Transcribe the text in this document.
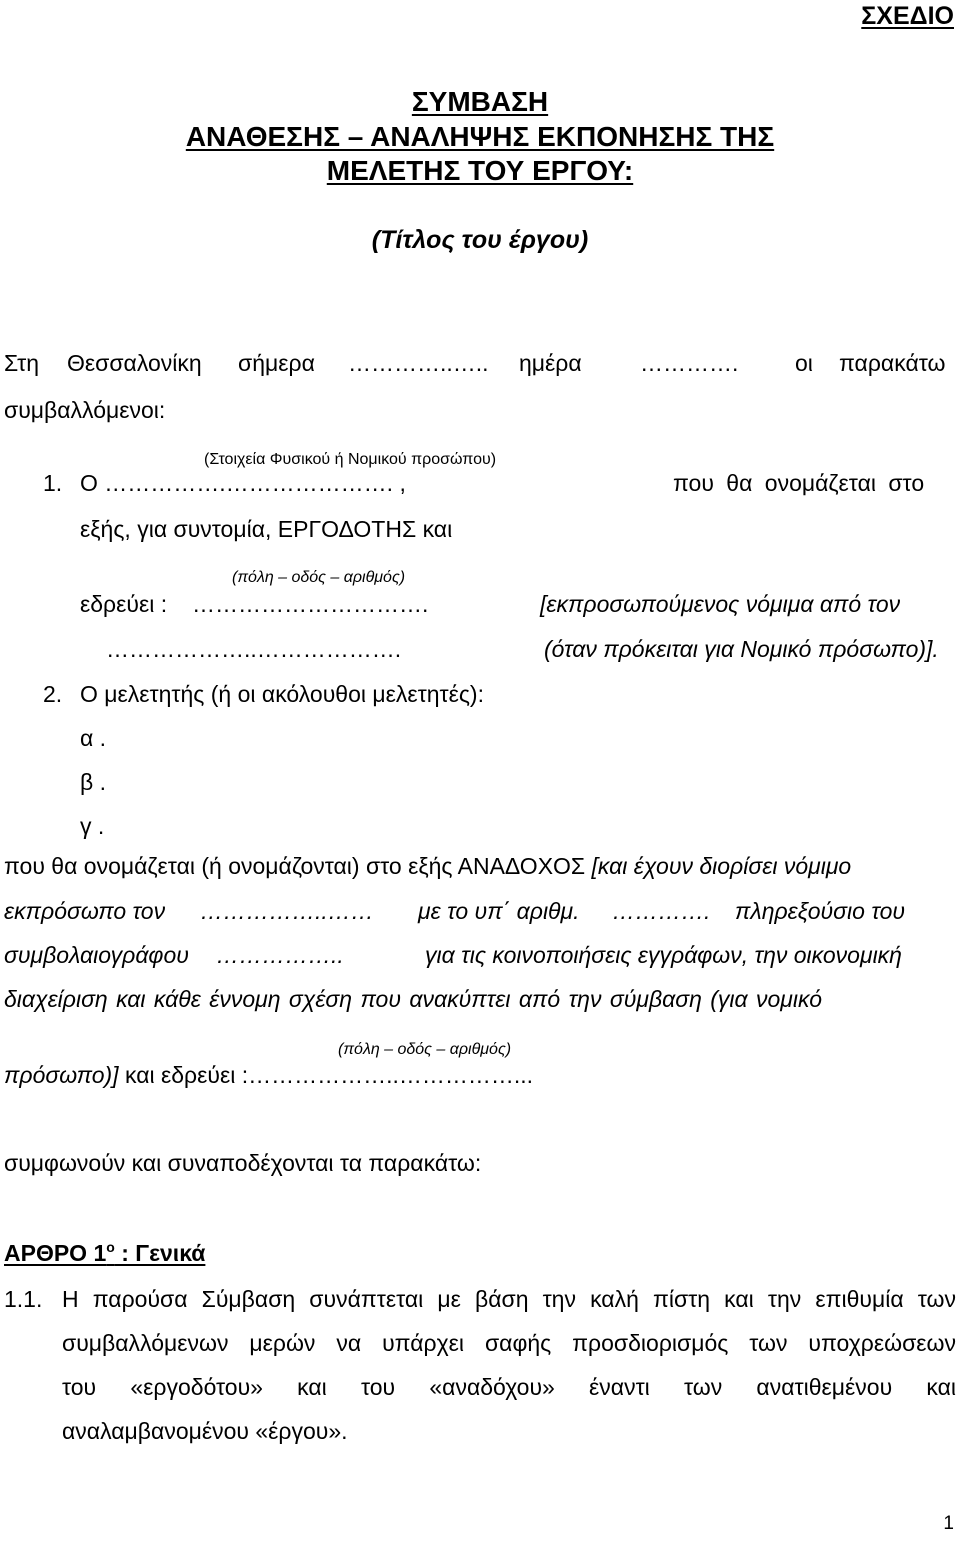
ΣΧΕΔΙΟ
ΣΥΜΒΑΣΗ
ΑΝΑΘΕΣΗΣ – ΑΝΑΛΗΨΗΣ ΕΚΠΟΝΗΣΗΣ ΤΗΣ
ΜΕΛΕΤΗΣ ΤΟΥ ΕΡΓΟΥ:
(Τίτλος του έργου)
Στη Θεσσαλονίκη σήμερα …………..….. ημέρα	…………. οι παρακάτω
συμβαλλόμενοι:
(Στοιχεία Φυσικού ή Νομικού προσώπου)
1. Ο …………….…………………. ,	που θα ονομάζεται στο
εξής, για συντομία, ΕΡΓΟΔΟΤΗΣ και
(πόλη – οδός – αριθμός)
εδρεύει : ………………………….	[εκπροσωπούμενος νόμιμα από τον
………………..……………….	(όταν πρόκειται για Νομικό πρόσωπο)].
2. Ο μελετητής (ή οι ακόλουθοι μελετητές):
α .
β .
γ .
που θα ονομάζεται (ή ονομάζονται) στο εξής ΑΝΑΔΟΧΟΣ [και έχουν διορίσει νόμιμο
εκπρόσωπο τον ……………..…… με το υπ΄ αριθμ. …………. πληρεξούσιο του
συμβολαιογράφου ……………..	για τις κοινοποιήσεις εγγράφων, την οικονομική
διαχείριση και κάθε έννομη σχέση που ανακύπτει από την σύμβαση (για νομικό
(πόλη – οδός – αριθμός)
πρόσωπο)] και εδρεύει :………………..……………...
συμφωνούν και συναποδέχονται τα παρακάτω:
ΑΡΘΡΟ $1^o$ : Γενικά
1.1. Η παρούσα Σύμβαση συνάπτεται με βάση την καλή πίστη και την επιθυμία των
συμβαλλόμενων μερών να υπάρχει σαφής προσδιορισμός των υποχρεώσεων
του «εργοδότου» και του «αναδόχου» έναντι των ανατιθεμένου και
αναλαμβανομένου «έργου».
1
